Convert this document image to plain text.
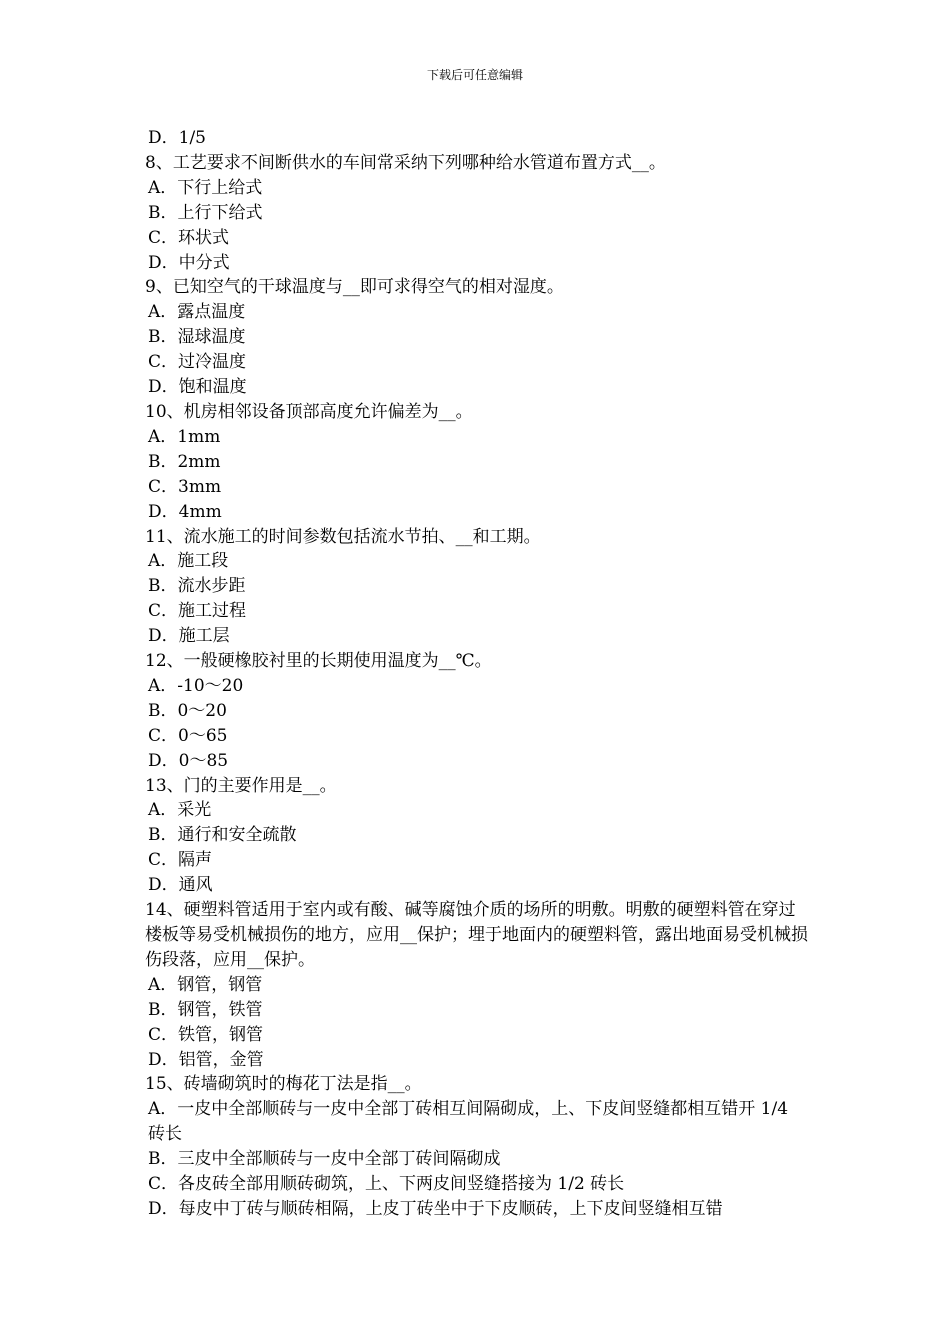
下载后可任意编辑

D．1/5

8、工艺要求不间断供水的车间常采纳下列哪种给水管道布置方式__。

A．下行上给式

B．上行下给式

C．环状式

D．中分式

9、已知空气的干球温度与__即可求得空气的相对湿度。

A．露点温度

B．湿球温度

C．过冷温度

D．饱和温度

10、机房相邻设备顶部高度允许偏差为__。

A．1mm

B．2mm

C．3mm

D．4mm

11、流水施工的时间参数包括流水节拍、__和工期。

A．施工段

B．流水步距

C．施工过程

D．施工层

12、一般硬橡胶衬里的长期使用温度为__℃。

A．-10～20

B．0～20

C．0～65

D．0～85

13、门的主要作用是__。

A．采光

B．通行和安全疏散

C．隔声

D．通风

14、硬塑料管适用于室内或有酸、碱等腐蚀介质的场所的明敷。明敷的硬塑料管在穿过楼板等易受机械损伤的地方，应用__保护；埋于地面内的硬塑料管，露出地面易受机械损伤段落，应用__保护。

A．钢管，钢管

B．钢管，铁管

C．铁管，钢管

D．铝管，金管

15、砖墙砌筑时的梅花丁法是指__。

A．一皮中全部顺砖与一皮中全部丁砖相互间隔砌成，上、下皮间竖缝都相互错开 1/4 砖长

B．三皮中全部顺砖与一皮中全部丁砖间隔砌成

C．各皮砖全部用顺砖砌筑，上、下两皮间竖缝搭接为 1/2 砖长

D．每皮中丁砖与顺砖相隔，上皮丁砖坐中于下皮顺砖，上下皮间竖缝相互错
